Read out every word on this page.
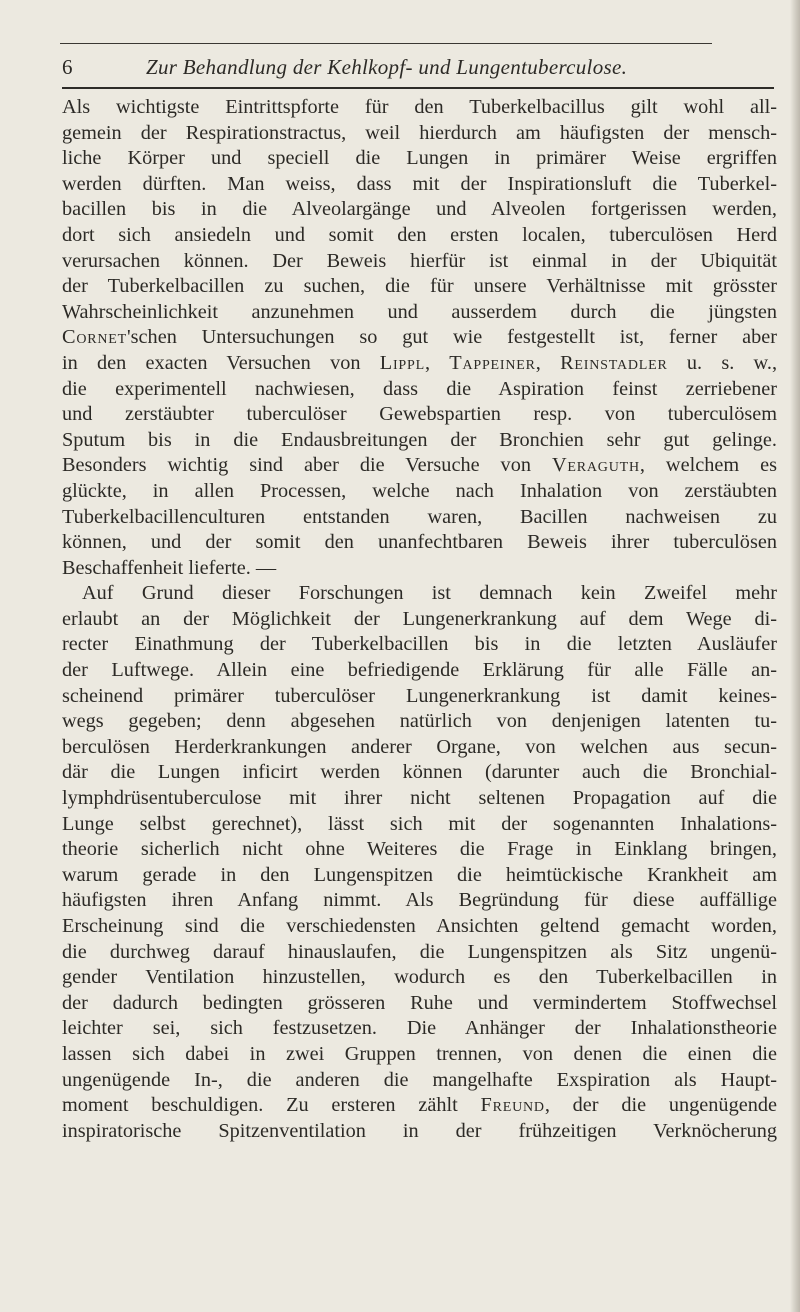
6	Zur Behandlung der Kehlkopf- und Lungentuberculose.
Als wichtigste Eintrittspforte für den Tuberkelbacillus gilt wohl all-
gemein der Respirationstractus, weil hierdurch am häufigsten der mensch-
liche Körper und speciell die Lungen in primärer Weise ergriffen
werden dürften. Man weiss, dass mit der Inspirationsluft die Tuberkel-
bacillen bis in die Alveolargänge und Alveolen fortgerissen werden,
dort sich ansiedeln und somit den ersten localen, tuberculösen Herd
verursachen können. Der Beweis hierfür ist einmal in der Ubiquität
der Tuberkelbacillen zu suchen, die für unsere Verhältnisse mit grösster
Wahrscheinlichkeit anzunehmen und ausserdem durch die jüngsten
Cornet'schen Untersuchungen so gut wie festgestellt ist, ferner aber
in den exacten Versuchen von Lippl, Tappeiner, Reinstadler u. s. w.,
die experimentell nachwiesen, dass die Aspiration feinst zerriebener
und zerstäubter tuberculöser Gewebspartien resp. von tuberculösem
Sputum bis in die Endausbreitungen der Bronchien sehr gut gelinge.
Besonders wichtig sind aber die Versuche von Veraguth, welchem es
glückte, in allen Processen, welche nach Inhalation von zerstäubten
Tuberkelbacillenculturen entstanden waren, Bacillen nachweisen zu
können, und der somit den unanfechtbaren Beweis ihrer tuberculösen
Beschaffenheit lieferte. —
Auf Grund dieser Forschungen ist demnach kein Zweifel mehr
erlaubt an der Möglichkeit der Lungenerkrankung auf dem Wege di-
recter Einathmung der Tuberkelbacillen bis in die letzten Ausläufer
der Luftwege. Allein eine befriedigende Erklärung für alle Fälle an-
scheinend primärer tuberculöser Lungenerkrankung ist damit keines-
wegs gegeben; denn abgesehen natürlich von denjenigen latenten tu-
berculösen Herderkrankungen anderer Organe, von welchen aus secun-
där die Lungen inficirt werden können (darunter auch die Bronchial-
lymphdrüsentuberculose mit ihrer nicht seltenen Propagation auf die
Lunge selbst gerechnet), lässt sich mit der sogenannten Inhalations-
theorie sicherlich nicht ohne Weiteres die Frage in Einklang bringen,
warum gerade in den Lungenspitzen die heimtückische Krankheit am
häufigsten ihren Anfang nimmt. Als Begründung für diese auffällige
Erscheinung sind die verschiedensten Ansichten geltend gemacht worden,
die durchweg darauf hinauslaufen, die Lungenspitzen als Sitz ungenü-
gender Ventilation hinzustellen, wodurch es den Tuberkelbacillen in
der dadurch bedingten grösseren Ruhe und vermindertem Stoffwechsel
leichter sei, sich festzusetzen. Die Anhänger der Inhalationstheorie
lassen sich dabei in zwei Gruppen trennen, von denen die einen die
ungenügende In-, die anderen die mangelhafte Exspiration als Haupt-
moment beschuldigen. Zu ersteren zählt Freund, der die ungenügende
inspiratorische Spitzenventilation in der frühzeitigen Verknöcherung
